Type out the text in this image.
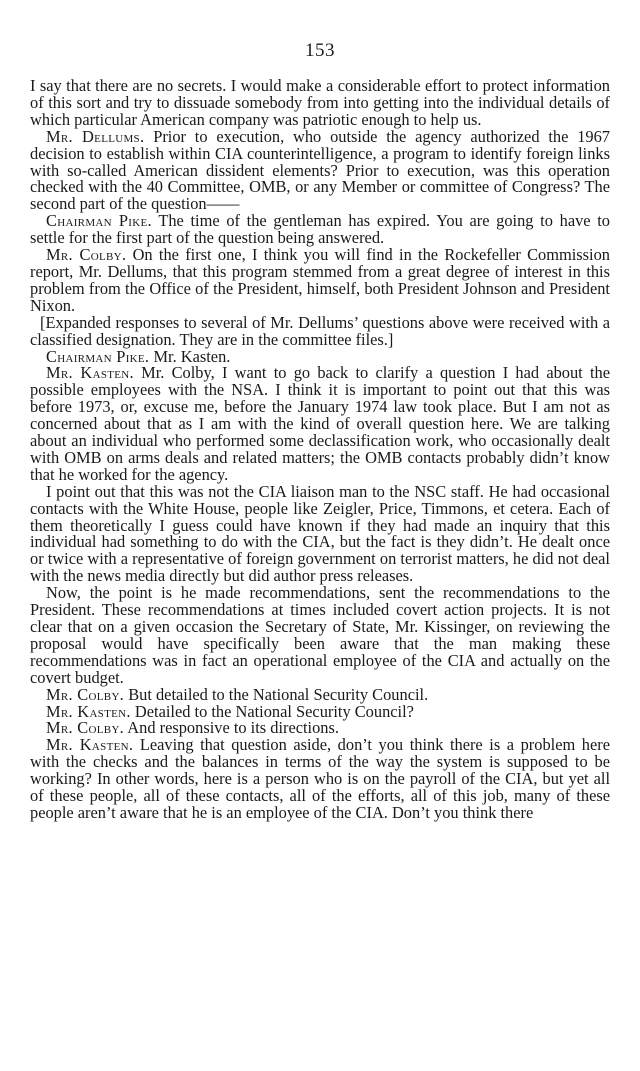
153

I say that there are no secrets. I would make a considerable effort to protect information of this sort and try to dissuade somebody from into getting into the individual details of which particular American company was patriotic enough to help us.

Mr. Dellums. Prior to execution, who outside the agency authorized the 1967 decision to establish within CIA counterintelligence, a program to identify foreign links with so-called American dissident elements? Prior to execution, was this operation checked with the 40 Committee, OMB, or any Member or committee of Congress? The second part of the question——

Chairman Pike. The time of the gentleman has expired. You are going to have to settle for the first part of the question being answered.

Mr. Colby. On the first one, I think you will find in the Rockefeller Commission report, Mr. Dellums, that this program stemmed from a great degree of interest in this problem from the Office of the President, himself, both President Johnson and President Nixon.

[Expanded responses to several of Mr. Dellums’ questions above were received with a classified designation. They are in the committee files.]

Chairman Pike. Mr. Kasten.

Mr. Kasten. Mr. Colby, I want to go back to clarify a question I had about the possible employees with the NSA. I think it is important to point out that this was before 1973, or, excuse me, before the January 1974 law took place. But I am not as concerned about that as I am with the kind of overall question here. We are talking about an individual who performed some declassification work, who occasionally dealt with OMB on arms deals and related matters; the OMB contacts probably didn’t know that he worked for the agency.

I point out that this was not the CIA liaison man to the NSC staff. He had occasional contacts with the White House, people like Zeigler, Price, Timmons, et cetera. Each of them theoretically I guess could have known if they had made an inquiry that this individual had something to do with the CIA, but the fact is they didn’t. He dealt once or twice with a representative of foreign government on terrorist matters, he did not deal with the news media directly but did author press releases.

Now, the point is he made recommendations, sent the recommendations to the President. These recommendations at times included covert action projects. It is not clear that on a given occasion the Secretary of State, Mr. Kissinger, on reviewing the proposal would have specifically been aware that the man making these recommendations was in fact an operational employee of the CIA and actually on the covert budget.

Mr. Colby. But detailed to the National Security Council.

Mr. Kasten. Detailed to the National Security Council?

Mr. Colby. And responsive to its directions.

Mr. Kasten. Leaving that question aside, don’t you think there is a problem here with the checks and the balances in terms of the way the system is supposed to be working? In other words, here is a person who is on the payroll of the CIA, but yet all of these people, all of these contacts, all of the efforts, all of this job, many of these people aren’t aware that he is an employee of the CIA. Don’t you think there
